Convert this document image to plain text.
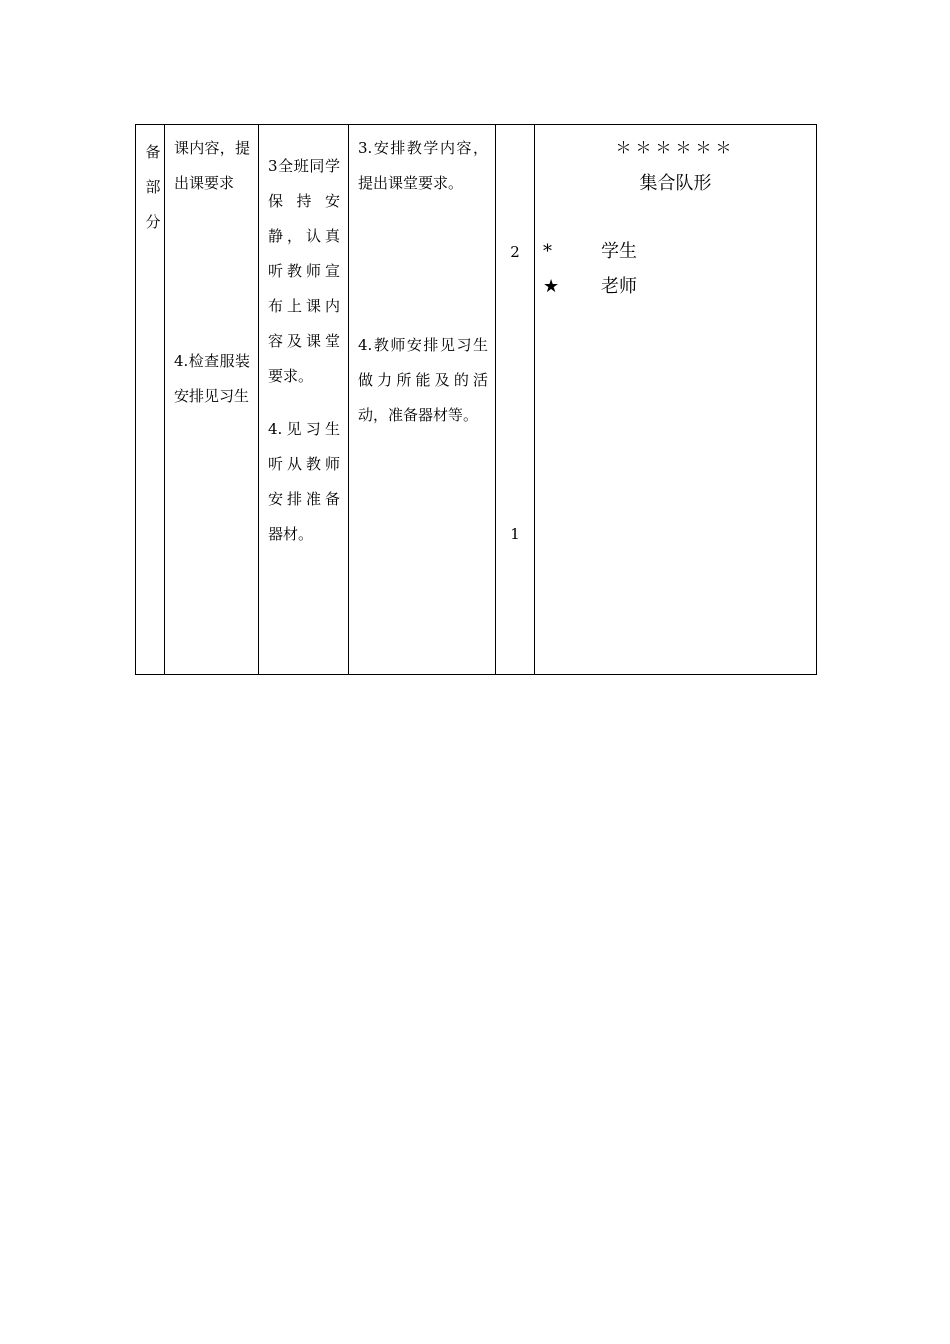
备部分

课内容，提出课要求
4.检查服装安排见习生

3全班同学保持安静，认真听教师宣布上课内容及课堂要求。
4.见习生听从教师安排准备器材。

3.安排教学内容，提出课堂要求。
4.教师安排见习生做力所能及的活动，准备器材等。

2
1

＊＊＊＊＊＊
集合队形
*	学生
★ 老师
